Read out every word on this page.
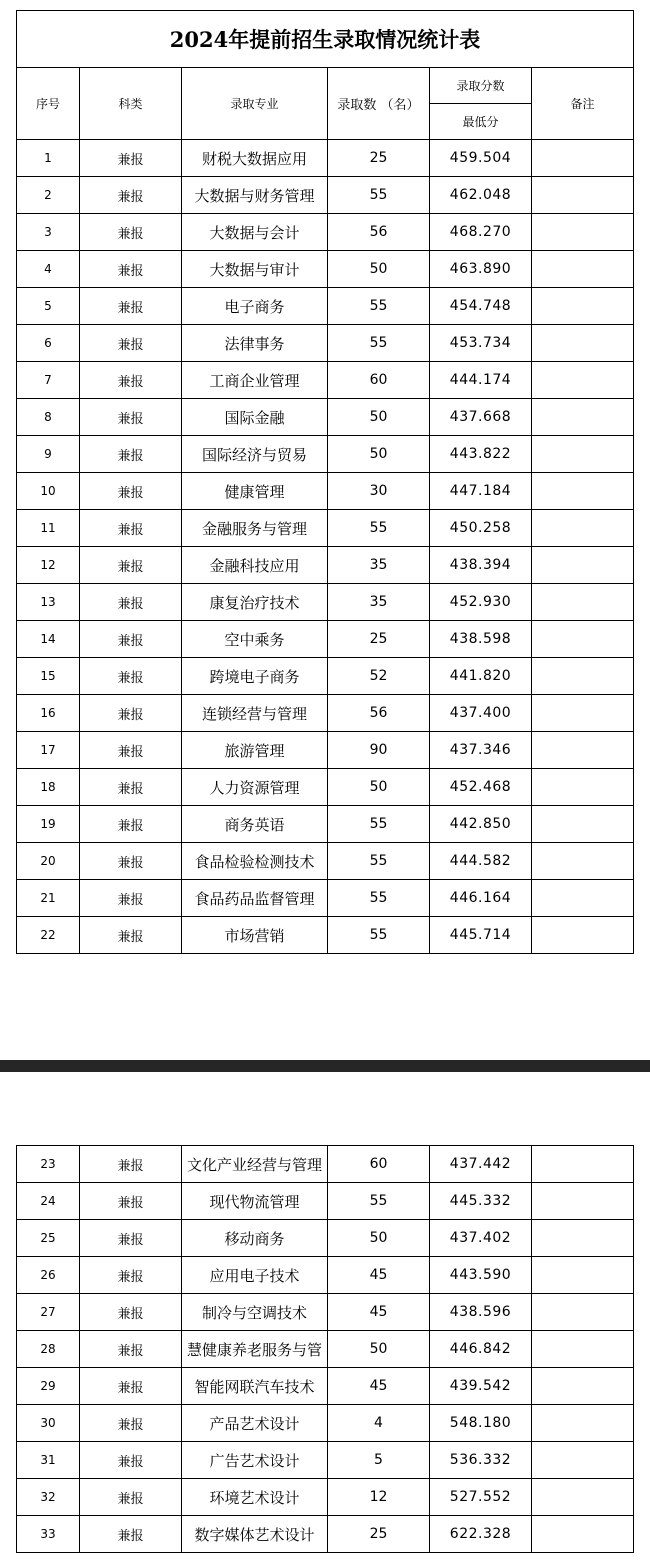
2024年提前招生录取情况统计表					
序号	科类	录取专业	录取数 （名）	录取分数	备注
				最低分	
1	兼报	财税大数据应用	25	459.504	
2	兼报	大数据与财务管理	55	462.048	
3	兼报	大数据与会计	56	468.270	
4	兼报	大数据与审计	50	463.890	
5	兼报	电子商务	55	454.748	
6	兼报	法律事务	55	453.734	
7	兼报	工商企业管理	60	444.174	
8	兼报	国际金融	50	437.668	
9	兼报	国际经济与贸易	50	443.822	
10	兼报	健康管理	30	447.184	
11	兼报	金融服务与管理	55	450.258	
12	兼报	金融科技应用	35	438.394	
13	兼报	康复治疗技术	35	452.930	
14	兼报	空中乘务	25	438.598	
15	兼报	跨境电子商务	52	441.820	
16	兼报	连锁经营与管理	56	437.400	
17	兼报	旅游管理	90	437.346	
18	兼报	人力资源管理	50	452.468	
19	兼报	商务英语	55	442.850	
20	兼报	食品检验检测技术	55	444.582	
21	兼报	食品药品监督管理	55	446.164	
22	兼报	市场营销	55	445.714	
23	兼报	文化产业经营与管理	60	437.442	
24	兼报	现代物流管理	55	445.332	
25	兼报	移动商务	50	437.402	
26	兼报	应用电子技术	45	443.590	
27	兼报	制冷与空调技术	45	438.596	
28	兼报	慧健康养老服务与管	50	446.842	
29	兼报	智能网联汽车技术	45	439.542	
30	兼报	产品艺术设计	4	548.180	
31	兼报	广告艺术设计	5	536.332	
32	兼报	环境艺术设计	12	527.552	
33	兼报	数字媒体艺术设计	25	622.328	
